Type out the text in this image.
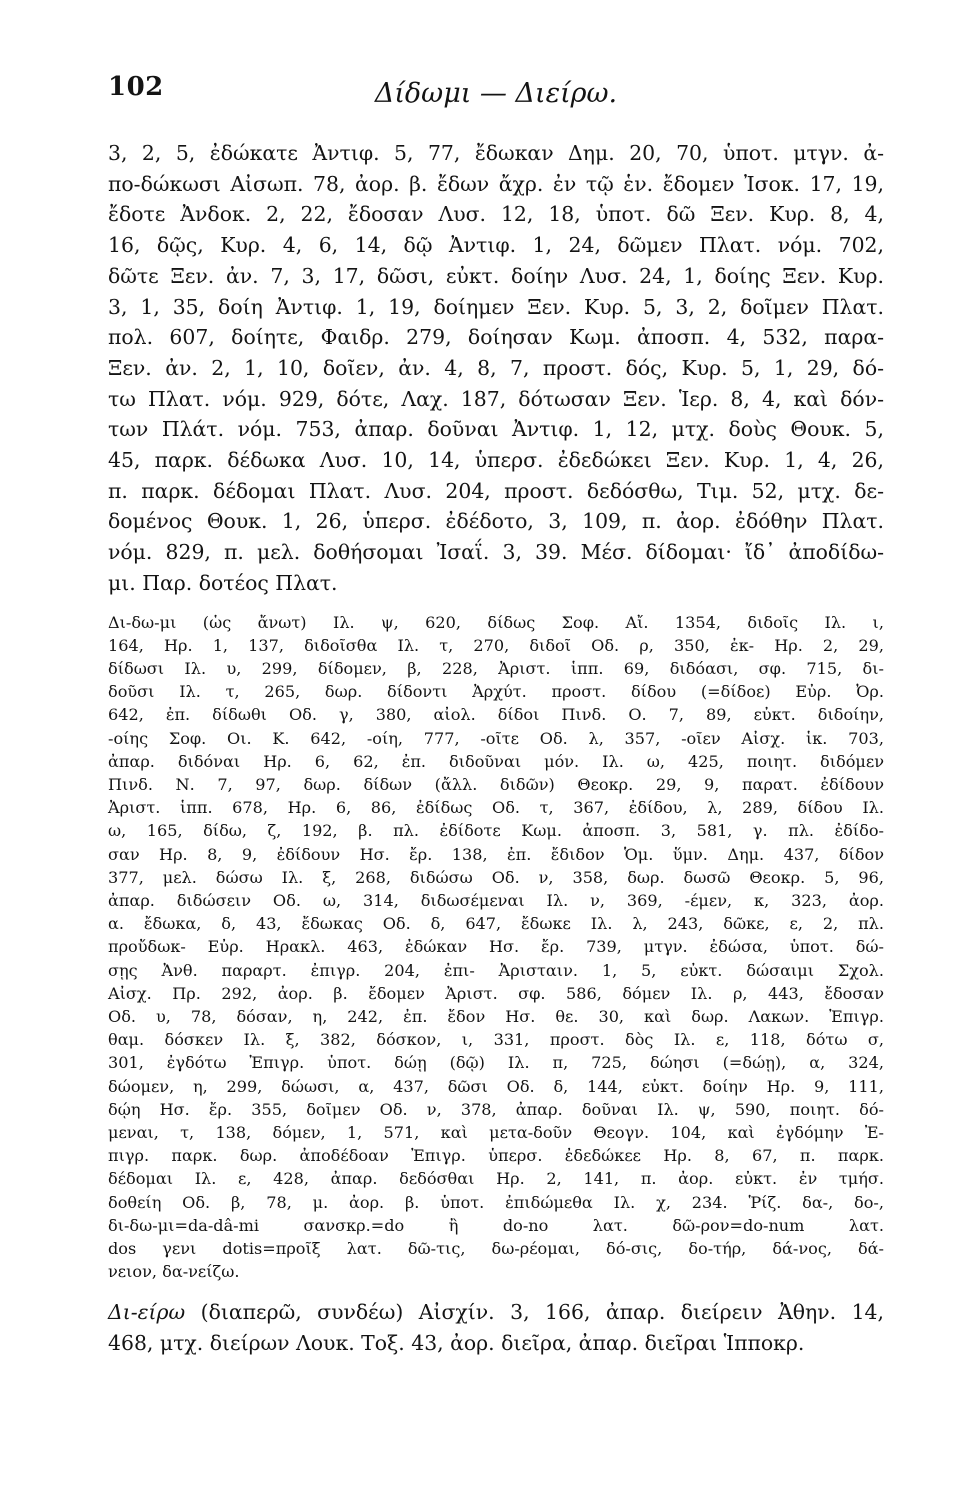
102	Δίδωμι — Διείρω.
3, 2, 5, ἐδώκατε Ἀντιφ. 5, 77, ἔδωκαν Δημ. 20, 70, ὑποτ. μτγν. ἀ-
πο-δώκωσι Αἰσωπ. 78, ἀορ. β. ἔδων ἄχρ. ἐν τῷ ἑν. ἔδομεν Ἰσοκ. 17, 19,
ἔδοτε Ἀνδοκ. 2, 22, ἔδοσαν Λυσ. 12, 18, ὑποτ. δῶ Ξεν. Κυρ. 8, 4,
16, δῷς, Κυρ. 4, 6, 14, δῷ Ἀντιφ. 1, 24, δῶμεν Πλατ. νόμ. 702,
δῶτε Ξεν. ἀν. 7, 3, 17, δῶσι, εὐκτ. δοίην Λυσ. 24, 1, δοίης Ξεν. Κυρ.
3, 1, 35, δοίη Ἀντιφ. 1, 19, δοίημεν Ξεν. Κυρ. 5, 3, 2, δοῖμεν Πλατ.
πολ. 607, δοίητε, Φαιδρ. 279, δοίησαν Κωμ. ἀποσπ. 4, 532, παρα-
Ξεν. ἀν. 2, 1, 10, δοῖεν, ἀν. 4, 8, 7, προστ. δός, Κυρ. 5, 1, 29, δό-
τω Πλατ. νόμ. 929, δότε, Λαχ. 187, δότωσαν Ξεν. Ἱερ. 8, 4, καὶ δόν-
των Πλάτ. νόμ. 753, ἀπαρ. δοῦναι Ἀντιφ. 1, 12, μτχ. δοὺς Θουκ. 5,
45, παρκ. δέδωκα Λυσ. 10, 14, ὑπερσ. ἐδεδώκει Ξεν. Κυρ. 1, 4, 26,
π. παρκ. δέδομαι Πλατ. Λυσ. 204, προστ. δεδόσθω, Τιμ. 52, μτχ. δε-
δομένος Θουκ. 1, 26, ὑπερσ. ἐδέδοτο, 3, 109, π. ἀορ. ἐδόθην Πλατ.
νόμ. 829, π. μελ. δοθήσομαι Ἰσαΐ. 3, 39. Μέσ. δίδομαι· ἴδ᾽ ἀποδίδω-
μι. Παρ. δοτέος Πλατ.
Δι-δω-μι (ὡς ἄνωτ) Ιλ. ψ, 620, δίδως Σοφ. Αἴ. 1354, διδοῖς Ιλ. ι,
164, Ηρ. 1, 137, διδοῖσθα Ιλ. τ, 270, διδοῖ Οδ. ρ, 350, ἐκ- Ηρ. 2, 29,
δίδωσι Ιλ. υ, 299, δίδομεν, β, 228, Ἀριστ. ἱππ. 69, διδόασι, σφ. 715, δι-
δοῦσι Ιλ. τ, 265, δωρ. δίδοντι Ἀρχύτ. προστ. δίδου (=δίδοε) Εὐρ. Ὀρ.
642, ἐπ. δίδωθι Οδ. γ, 380, αἰολ. δίδοι Πινδ. Ο. 7, 89, εὐκτ. διδοίην,
-οίης Σοφ. Οι. Κ. 642, -οίη, 777, -οῖτε Οδ. λ, 357, -οῖεν Αἰσχ. ἱκ. 703,
ἀπαρ. διδόναι Ηρ. 6, 62, ἐπ. διδοῦναι μόν. Ιλ. ω, 425, ποιητ. διδόμεν
Πινδ. Ν. 7, 97, δωρ. δίδων (ἄλλ. διδῶν) Θεοκρ. 29, 9, παρατ. ἐδίδουν
Ἀριστ. ἱππ. 678, Ηρ. 6, 86, ἐδίδως Οδ. τ, 367, ἐδίδου, λ, 289, δίδου Ιλ.
ω, 165, δίδω, ζ, 192, β. πλ. ἐδίδοτε Κωμ. ἀποσπ. 3, 581, γ. πλ. ἐδίδο-
σαν Ηρ. 8, 9, ἐδίδουν Ησ. ἔρ. 138, ἐπ. ἔδιδον Ὁμ. ὕμν. Δημ. 437, δίδον
377, μελ. δώσω Ιλ. ξ, 268, διδώσω Οδ. ν, 358, δωρ. δωσῶ Θεοκρ. 5, 96,
ἀπαρ. διδώσειν Οδ. ω, 314, διδωσέμεναι Ιλ. ν, 369, -έμεν, κ, 323, ἀορ.
α. ἔδωκα, δ, 43, ἔδωκας Οδ. δ, 647, ἔδωκε Ιλ. λ, 243, δῶκε, ε, 2, πλ.
προὔδωκ- Εὐρ. Ηρακλ. 463, ἐδώκαν Ησ. ἔρ. 739, μτγν. ἐδώσα, ὑποτ. δώ-
σῃς Ἀνθ. παραρτ. ἐπιγρ. 204, ἐπι- Ἀρισταιν. 1, 5, εὐκτ. δώσαιμι Σχολ.
Αἰσχ. Πρ. 292, ἀορ. β. ἔδομεν Ἀριστ. σφ. 586, δόμεν Ιλ. ρ, 443, ἔδοσαν
Οδ. υ, 78, δόσαν, η, 242, ἐπ. ἔδον Ησ. θε. 30, καὶ δωρ. Λακων. Ἐπιγρ.
θαμ. δόσκεν Ιλ. ξ, 382, δόσκον, ι, 331, προστ. δὸς Ιλ. ε, 118, δότω σ,
301, ἐγδότω Ἐπιγρ. ὑποτ. δώῃ (δῷ) Ιλ. π, 725, δώησι (=δώῃ), α, 324,
δώομεν, η, 299, δώωσι, α, 437, δῶσι Οδ. δ, 144, εὐκτ. δοίην Ηρ. 9, 111,
δῴη Ησ. ἔρ. 355, δοῖμεν Οδ. ν, 378, ἀπαρ. δοῦναι Ιλ. ψ, 590, ποιητ. δό-
μεναι, τ, 138, δόμεν, 1, 571, καὶ μετα-δοῦν Θεογν. 104, καὶ ἐγδόμην Ἐ-
πιγρ. παρκ. δωρ. ἀποδέδοαν Ἐπιγρ. ὑπερσ. ἐδεδώκεε Ηρ. 8, 67, π. παρκ.
δέδομαι Ιλ. ε, 428, ἀπαρ. δεδόσθαι Ηρ. 2, 141, π. ἀορ. εὐκτ. ἐν τμήσ.
δοθείη Οδ. β, 78, μ. ἀορ. β. ὑποτ. ἐπιδώμεθα Ιλ. χ, 234. Ῥίζ. δα-, δο-,
δι-δω-μι=da-dâ-mi σανσκρ.=do ἢ do-no λατ. δῶ-ρον=do-num λατ.
dos γενι dotis=προῖξ λατ. δῶ-τις, δω-ρέομαι, δό-σις, δο-τήρ, δά-νος, δά-
νειον, δα-νείζω.
Δι-είρω (διαπερῶ, συνδέω) Αἰσχίν. 3, 166, ἀπαρ. διείρειν Ἀθην. 14,
468, μτχ. διείρων Λουκ. Τοξ. 43, ἀορ. διεῖρα, ἀπαρ. διεῖραι Ἱπποκρ.
